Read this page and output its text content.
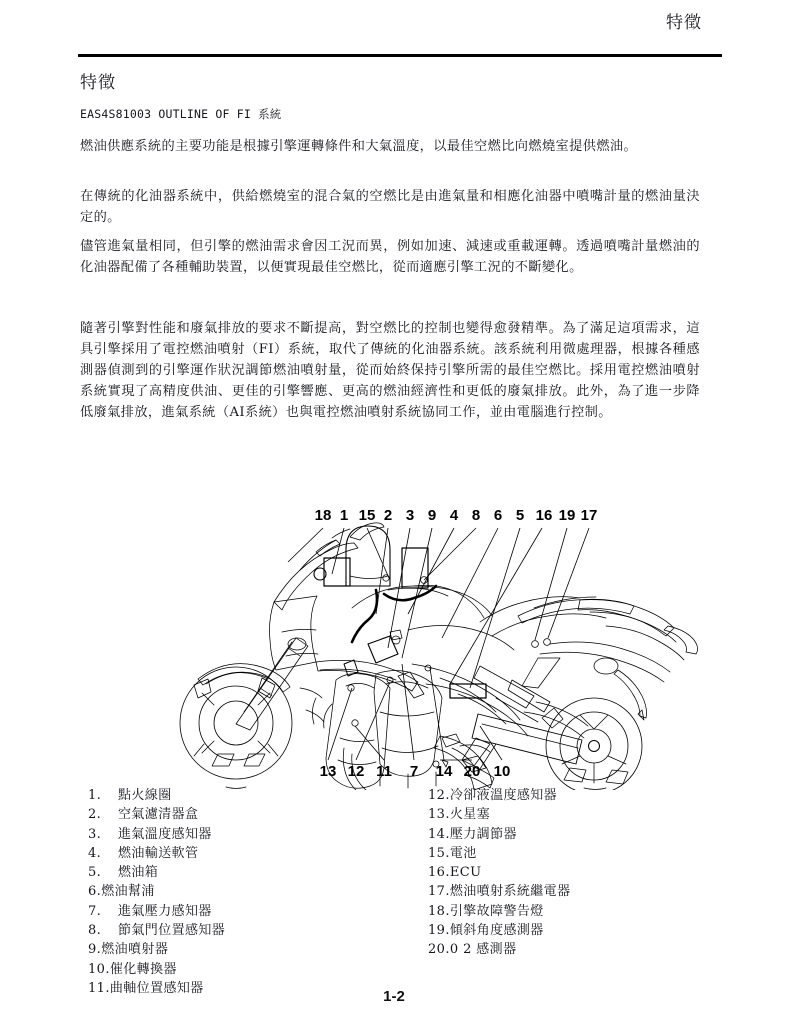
特徵
特徵
EAS4S81003 OUTLINE OF FI 系統
燃油供應系統的主要功能是根據引擎運轉條件和大氣溫度，以最佳空燃比向燃燒室提供燃油。
在傳統的化油器系統中，供給燃燒室的混合氣的空燃比是由進氣量和相應化油器中噴嘴計量的燃油量決定的。
儘管進氣量相同，但引擎的燃油需求會因工況而異，例如加速、減速或重載運轉。透過噴嘴計量燃油的化油器配備了各種輔助裝置，以便實現最佳空燃比，從而適應引擎工況的不斷變化。
隨著引擎對性能和廢氣排放的要求不斷提高，對空燃比的控制也變得愈發精準。為了滿足這項需求，這具引擎採用了電控燃油噴射（FI）系統，取代了傳統的化油器系統。該系統利用微處理器，根據各種感測器偵測到的引擎運作狀況調節燃油噴射量，從而始終保持引擎所需的最佳空燃比。採用電控燃油噴射系統實現了高精度供油、更佳的引擎響應、更高的燃油經濟性和更低的廢氣排放。此外，為了進一步降低廢氣排放，進氣系統（AI系統）也與電控燃油噴射系統協同工作，並由電腦進行控制。
18 1 15 2 3 9 4 8 6 5 16 19 17
13 12 11 7 14 20 10
1. 點火線圈
2. 空氣濾清器盒
3. 進氣溫度感知器
4. 燃油輸送軟管
5. 燃油箱
6.燃油幫浦
7. 進氣壓力感知器
8. 節氣門位置感知器
9.燃油噴射器
10.催化轉換器
11.曲軸位置感知器
12.冷卻液溫度感知器
13.火星塞
14.壓力調節器
15.電池
16.ECU
17.燃油噴射系統繼電器
18.引擎故障警告燈
19.傾斜角度感測器
20.0 2 感測器
1-2
